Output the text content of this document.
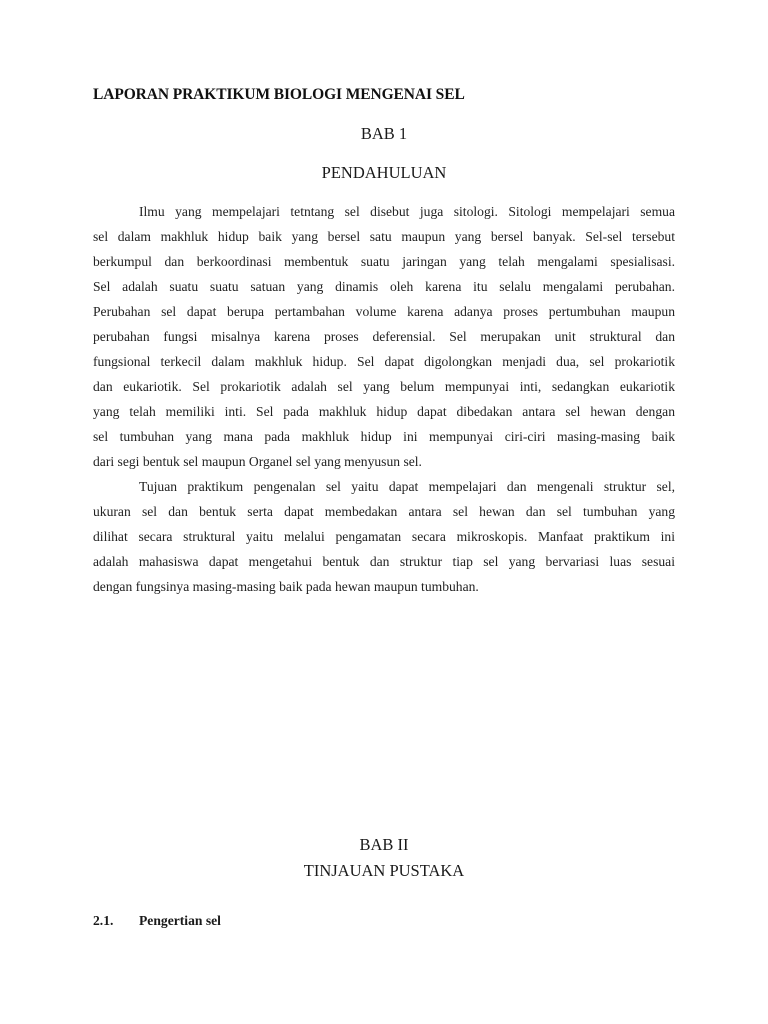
LAPORAN PRAKTIKUM BIOLOGI MENGENAI SEL
BAB 1
PENDAHULUAN

Ilmu yang mempelajari tetntang sel disebut juga sitologi. Sitologi mempelajari semua
sel dalam makhluk hidup baik yang bersel satu maupun yang bersel banyak. Sel-sel tersebut
berkumpul dan berkoordinasi membentuk suatu jaringan yang telah mengalami spesialisasi.
Sel adalah suatu suatu satuan yang dinamis oleh karena itu selalu mengalami perubahan.
Perubahan sel dapat berupa pertambahan volume karena adanya proses pertumbuhan maupun
perubahan fungsi misalnya karena proses deferensial. Sel merupakan unit struktural dan
fungsional terkecil dalam makhluk hidup. Sel dapat digolongkan menjadi dua, sel prokariotik
dan eukariotik. Sel prokariotik adalah sel yang belum mempunyai inti, sedangkan eukariotik
yang telah memiliki inti. Sel pada makhluk hidup dapat dibedakan antara sel hewan dengan
sel tumbuhan yang mana pada makhluk hidup ini mempunyai ciri-ciri masing-masing baik
dari segi bentuk sel maupun Organel sel yang menyusun sel.

Tujuan praktikum pengenalan sel yaitu dapat mempelajari dan mengenali struktur sel,
ukuran sel dan bentuk serta dapat membedakan antara sel hewan dan sel tumbuhan yang
dilihat secara struktural yaitu melalui pengamatan secara mikroskopis. Manfaat praktikum ini
adalah mahasiswa dapat mengetahui bentuk dan struktur tiap sel yang bervariasi luas sesuai
dengan fungsinya masing-masing baik pada hewan maupun tumbuhan.

BAB II
TINJAUAN PUSTAKA
2.1. Pengertian sel
